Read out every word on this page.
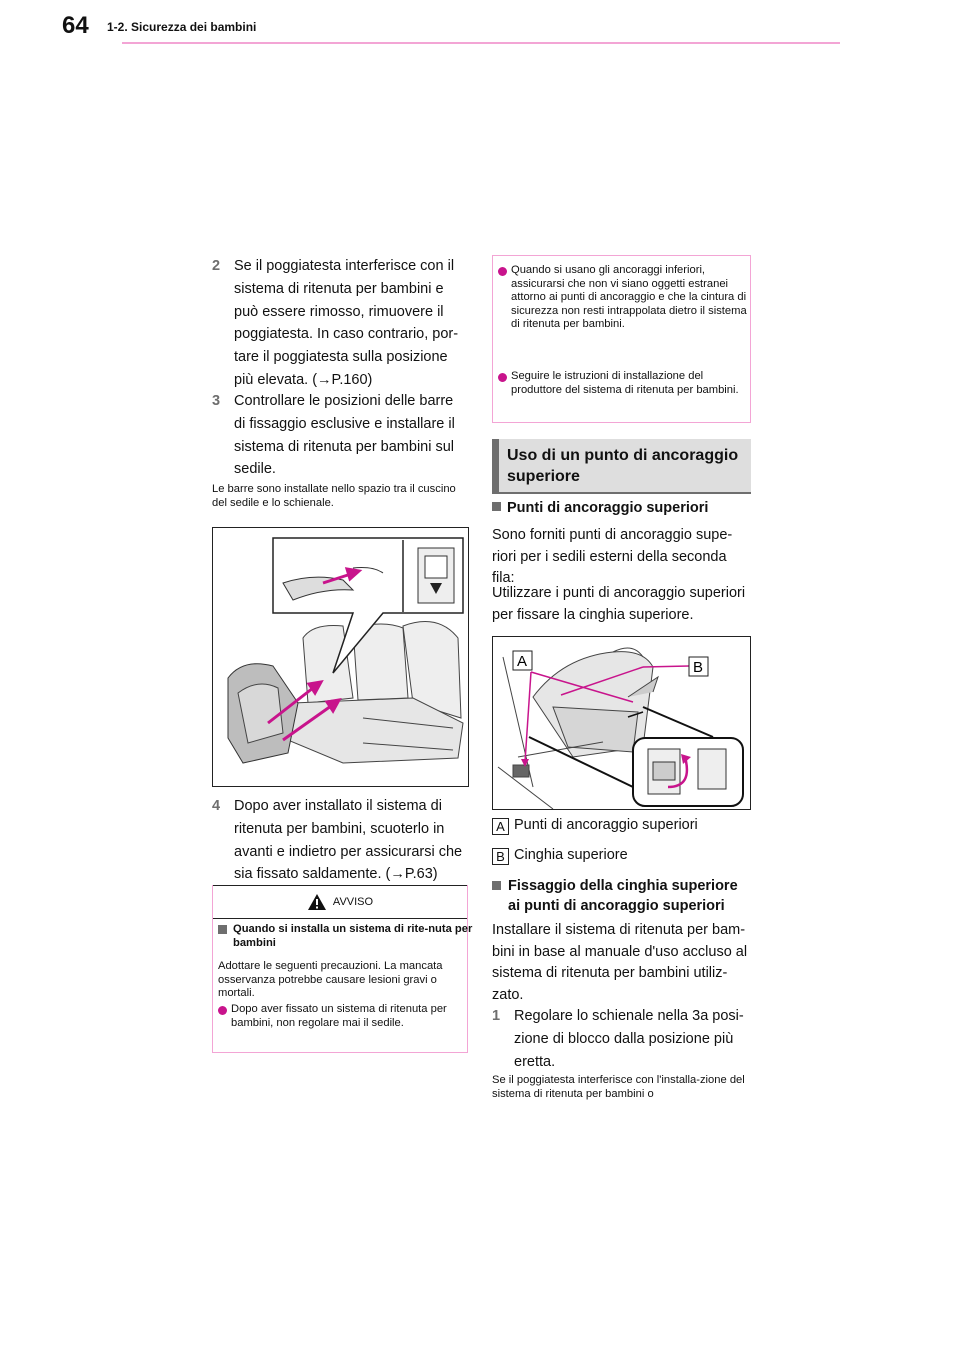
64 1-2. Sicurezza dei bambini
2 Se il poggiatesta interferisce con il sistema di ritenuta per bambini e può essere rimosso, rimuovere il poggiatesta. In caso contrario, por-tare il poggiatesta sulla posizione più elevata. (→P.160)
3 Controllare le posizioni delle barre di fissaggio esclusive e installare il sistema di ritenuta per bambini sul sedile.
Le barre sono installate nello spazio tra il cuscino del sedile e lo schienale.
4 Dopo aver installato il sistema di ritenuta per bambini, scuoterlo in avanti e indietro per assicurarsi che sia fissato saldamente. (→P.63)
AVVISO
Quando si installa un sistema di rite-nuta per bambini
Adottare le seguenti precauzioni. La mancata osservanza potrebbe causare lesioni gravi o mortali.
Dopo aver fissato un sistema di ritenuta per bambini, non regolare mai il sedile.
Quando si usano gli ancoraggi inferiori, assicurarsi che non vi siano oggetti estranei attorno ai punti di ancoraggio e che la cintura di sicurezza non resti intrappolata dietro il sistema di ritenuta per bambini.
Seguire le istruzioni di installazione del produttore del sistema di ritenuta per bambini.
Uso di un punto di ancoraggio superiore
Punti di ancoraggio superiori
Sono forniti punti di ancoraggio supe-riori per i sedili esterni della seconda fila:
Utilizzare i punti di ancoraggio superiori per fissare la cinghia superiore.
A	B
A Punti di ancoraggio superiori
B Cinghia superiore
Fissaggio della cinghia superiore ai punti di ancoraggio superiori
Installare il sistema di ritenuta per bam-bini in base al manuale d'uso accluso al sistema di ritenuta per bambini utiliz-zato.
1 Regolare lo schienale nella 3a posi-zione di blocco dalla posizione più eretta.
Se il poggiatesta interferisce con l'installa-zione del sistema di ritenuta per bambini o
